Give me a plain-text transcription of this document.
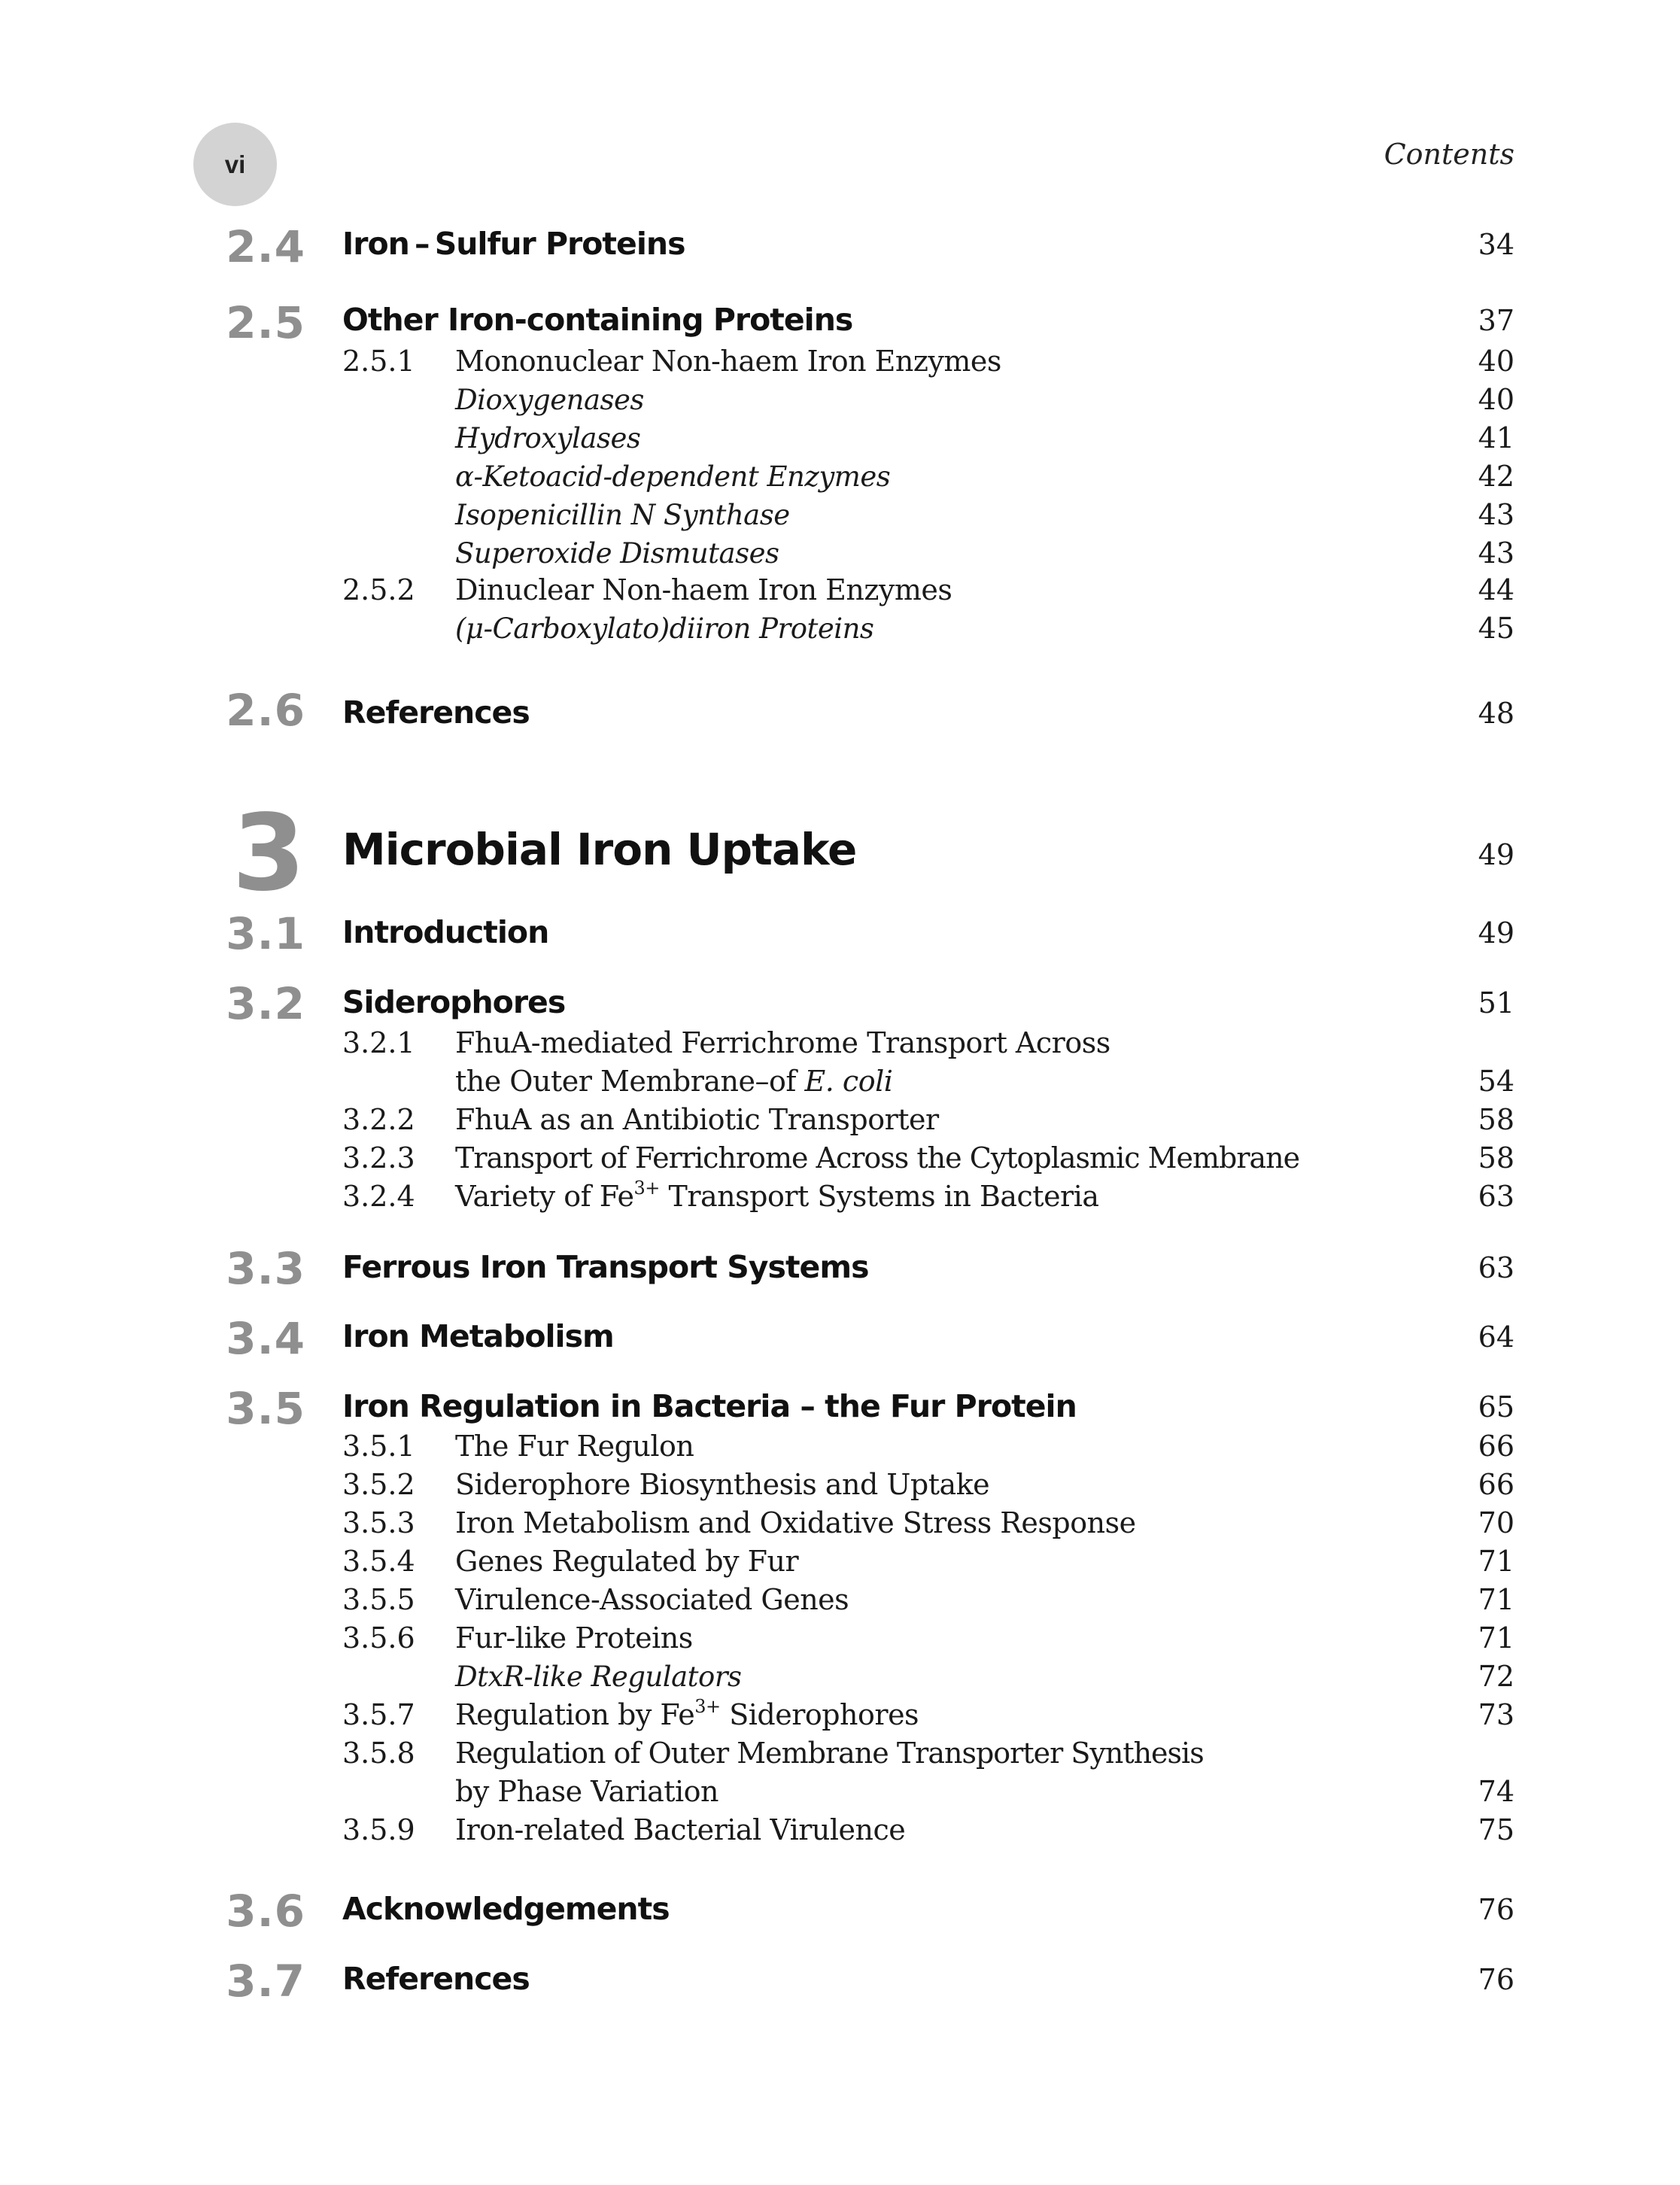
vi	Contents
2.4 Iron – Sulfur Proteins	34
2.5 Other Iron-containing Proteins	37
2.5.1	Mononuclear Non-haem Iron Enzymes	40
Dioxygenases	40
Hydroxylases	41
α-Ketoacid-dependent Enzymes	42
Isopenicillin N Synthase	43
Superoxide Dismutases	43
2.5.2	Dinuclear Non-haem Iron Enzymes	44
(μ-Carboxylato)diiron Proteins	45
2.6 References	48
3 Microbial Iron Uptake	49
3.1 Introduction	49
3.2 Siderophores	51
3.2.1	FhuA-mediated Ferrichrome Transport Across
the Outer Membrane–of E. coli	54
3.2.2	FhuA as an Antibiotic Transporter	58
3.2.3	Transport of Ferrichrome Across the Cytoplasmic Membrane	58
3.2.4	Variety of $Fe^{3+}$ Transport Systems in Bacteria	63
3.3 Ferrous Iron Transport Systems	63
3.4 Iron Metabolism	64
3.5 Iron Regulation in Bacteria – the Fur Protein	65
3.5.1	The Fur Regulon	66
3.5.2	Siderophore Biosynthesis and Uptake	66
3.5.3	Iron Metabolism and Oxidative Stress Response	70
3.5.4	Genes Regulated by Fur	71
3.5.5	Virulence-Associated Genes	71
3.5.6	Fur-like Proteins	71
DtxR-like Regulators	72
3.5.7	Regulation by $Fe^{3+}$ Siderophores	73
3.5.8	Regulation of Outer Membrane Transporter Synthesis
by Phase Variation	74
3.5.9	Iron-related Bacterial Virulence	75
3.6 Acknowledgements	76
3.7 References	76
